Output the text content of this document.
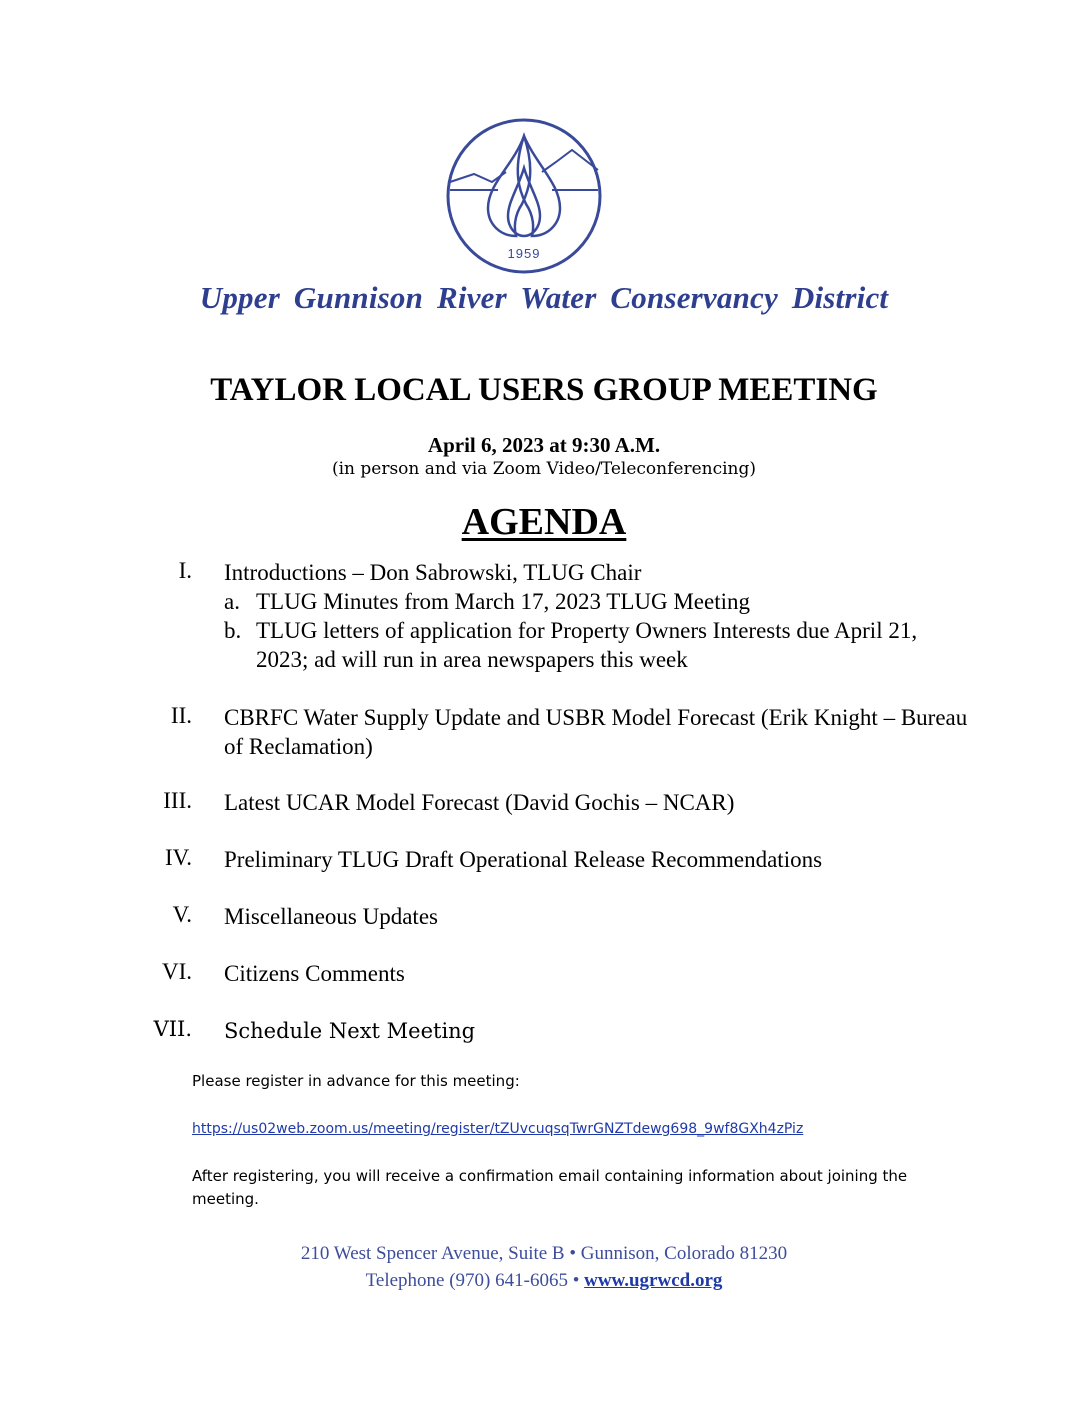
1959
Upper Gunnison River Water Conservancy District
TAYLOR LOCAL USERS GROUP MEETING
April 6, 2023 at 9:30 A.M.
(in person and via Zoom Video/Teleconferencing)
AGENDA
I. Introductions – Don Sabrowski, TLUG Chair
a. TLUG Minutes from March 17, 2023 TLUG Meeting
b. TLUG letters of application for Property Owners Interests due April 21, 2023; ad will run in area newspapers this week
II. CBRFC Water Supply Update and USBR Model Forecast (Erik Knight – Bureau of Reclamation)
III. Latest UCAR Model Forecast (David Gochis – NCAR)
IV. Preliminary TLUG Draft Operational Release Recommendations
V. Miscellaneous Updates
VI. Citizens Comments
VII. Schedule Next Meeting
Please register in advance for this meeting:
https://us02web.zoom.us/meeting/register/tZUvcuqsqTwrGNZTdewg698_9wf8GXh4zPiz
After registering, you will receive a confirmation email containing information about joining the meeting.
210 West Spencer Avenue, Suite B • Gunnison, Colorado 81230
Telephone (970) 641-6065 • www.ugrwcd.org
